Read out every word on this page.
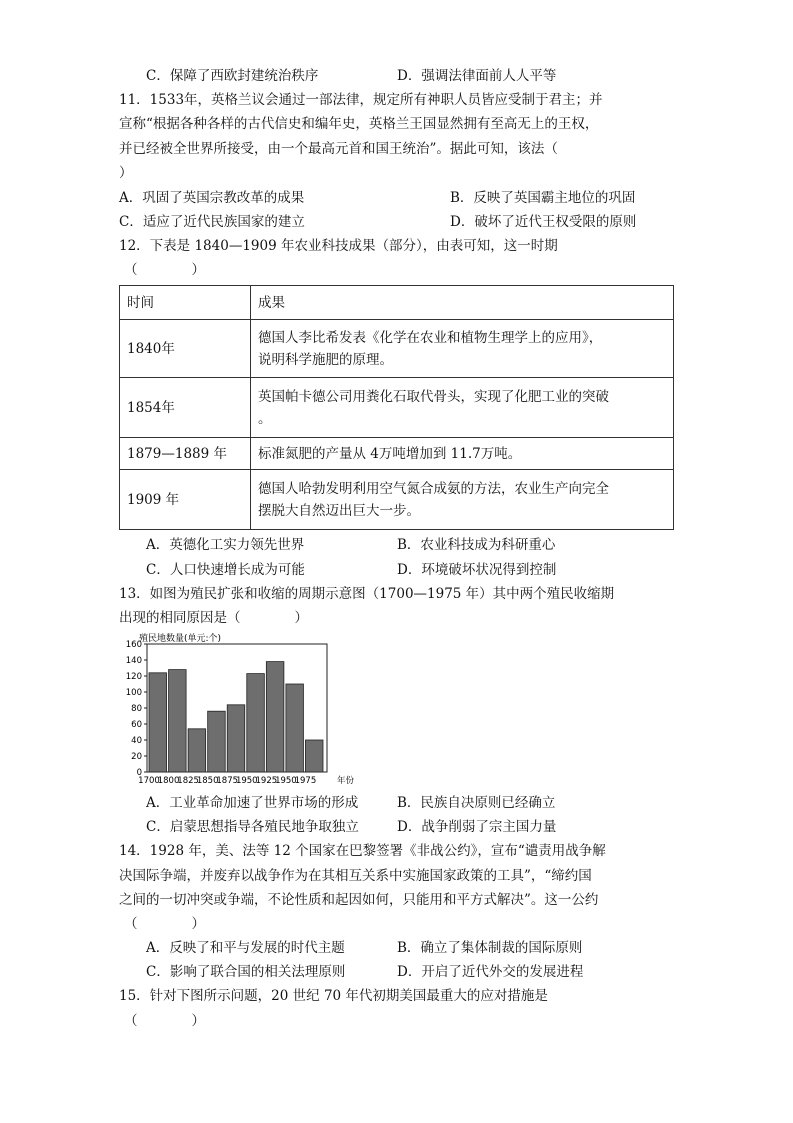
C．保障了西欧封建统治秩序	D．强调法律面前人人平等
11．1533年，英格兰议会通过一部法律，规定所有神职人员皆应受制于君主；并
宣称“根据各种各样的古代信史和编年史，英格兰王国显然拥有至高无上的王权，
并已经被全世界所接受，由一个最高元首和国王统治”。据此可知，该法（
）
A．巩固了英国宗教改革的成果	B．反映了英国霸主地位的巩固
C．适应了近代民族国家的建立	D．破坏了近代王权受限的原则
12．下表是 1840—1909 年农业科技成果（部分），由表可知，这一时期
（　　　　）
时间	成果
1840年	德国人李比希发表《化学在农业和植物生理学上的应用》，
说明科学施肥的原理。
1854年	英国帕卡德公司用粪化石取代骨头，实现了化肥工业的突破
。
1879—1889 年	标准氮肥的产量从 4万吨增加到 11.7万吨。
1909 年	德国人哈勃发明利用空气氮合成氨的方法，农业生产向完全
摆脱大自然迈出巨大一步。
A．英德化工实力领先世界	B．农业科技成为科研重心
C．人口快速增长成为可能	D．环境破坏状况得到控制
13．如图为殖民扩张和收缩的周期示意图（1700—1975 年）其中两个殖民收缩期
出现的相同原因是（　　　　）
殖民地数量(单元:个)
0
20
40
60
80
100
120
140
160
1700
1800
1825
1850
1875
1950
1925
1950
1975 年份
A．工业革命加速了世界市场的形成	B．民族自决原则已经确立
C．启蒙思想指导各殖民地争取独立	D．战争削弱了宗主国力量
14．1928 年，美、法等 12 个国家在巴黎签署《非战公约》，宣布“谴责用战争解
决国际争端，并废弃以战争作为在其相互关系中实施国家政策的工具”，“缔约国
之间的一切冲突或争端，不论性质和起因如何，只能用和平方式解决”。这一公约
（　　　　）
A．反映了和平与发展的时代主题	B．确立了集体制裁的国际原则
C．影响了联合国的相关法理原则	D．开启了近代外交的发展进程
15．针对下图所示问题，20 世纪 70 年代初期美国最重大的应对措施是
（　　　　）
